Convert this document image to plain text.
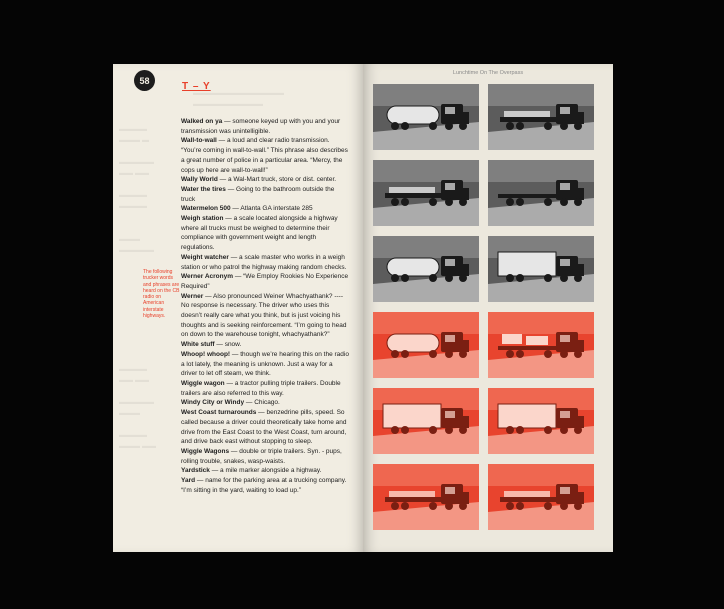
▬▬▬▬
▬▬▬ ▬

▬▬▬▬▬
▬▬ ▬▬

▬▬▬▬
▬▬▬▬

▬▬▬
▬▬▬▬▬
▬▬▬▬
▬▬ ▬▬

▬▬▬▬▬
▬▬▬

▬▬▬▬
▬▬▬ ▬▬
▬▬▬▬▬▬▬▬▬▬▬▬▬
▬▬▬▬▬▬▬▬▬▬
58
T – Y
The following trucker words and phrases are heard on the CB radio on American interstate highways.
Walked on ya — someone keyed up with you and your transmission was unintelligible.
Wall-to-wall — a loud and clear radio transmission. “You’re coming in wall-to-wall.” This phrase also describes a great number of police in a particular area. “Mercy, the cops up here are wall-to-wall!”
Wally World — a Wal-Mart truck, store or dist. center.
Water the tires — Going to the bathroom outside the truck
Watermelon 500 — Atlanta GA interstate 285
Weigh station — a scale located alongside a highway where all trucks must be weighed to determine their compliance with government weight and length regulations.
Weight watcher — a scale master who works in a weigh station or who patrol the highway making random checks.
Werner Acronym — “We Employ Rookies No Experience Required”
Werner — Also pronounced Weiner Whachyathank? ---- No response is necessary. The driver who uses this doesn’t really care what you think, but is just voicing his thoughts and is seeking reinforcement. “I’m going to head on down to the warehouse tonight, whachyathank?”
White stuff — snow.
Whoop! whoop! — though we’re hearing this on the radio a lot lately, the meaning is unknown. Just a way for a driver to let off steam, we think.
Wiggle wagon — a tractor pulling triple trailers. Double trailers are also referred to this way.
Windy City or Windy — Chicago.
West Coast turnarounds — benzedrine pills, speed. So called because a driver could theoretically take home and drive from the East Coast to the West Coast, turn around, and drive back east without stopping to sleep.
Wiggle Wagons — double or triple trailers. Syn. - pups, rolling trouble, snakes, wasp-waists.
Yardstick — a mile marker alongside a highway.
Yard — name for the parking area at a trucking company. “I’m sitting in the yard, waiting to load up.”
Lunchtime On The Overpass
